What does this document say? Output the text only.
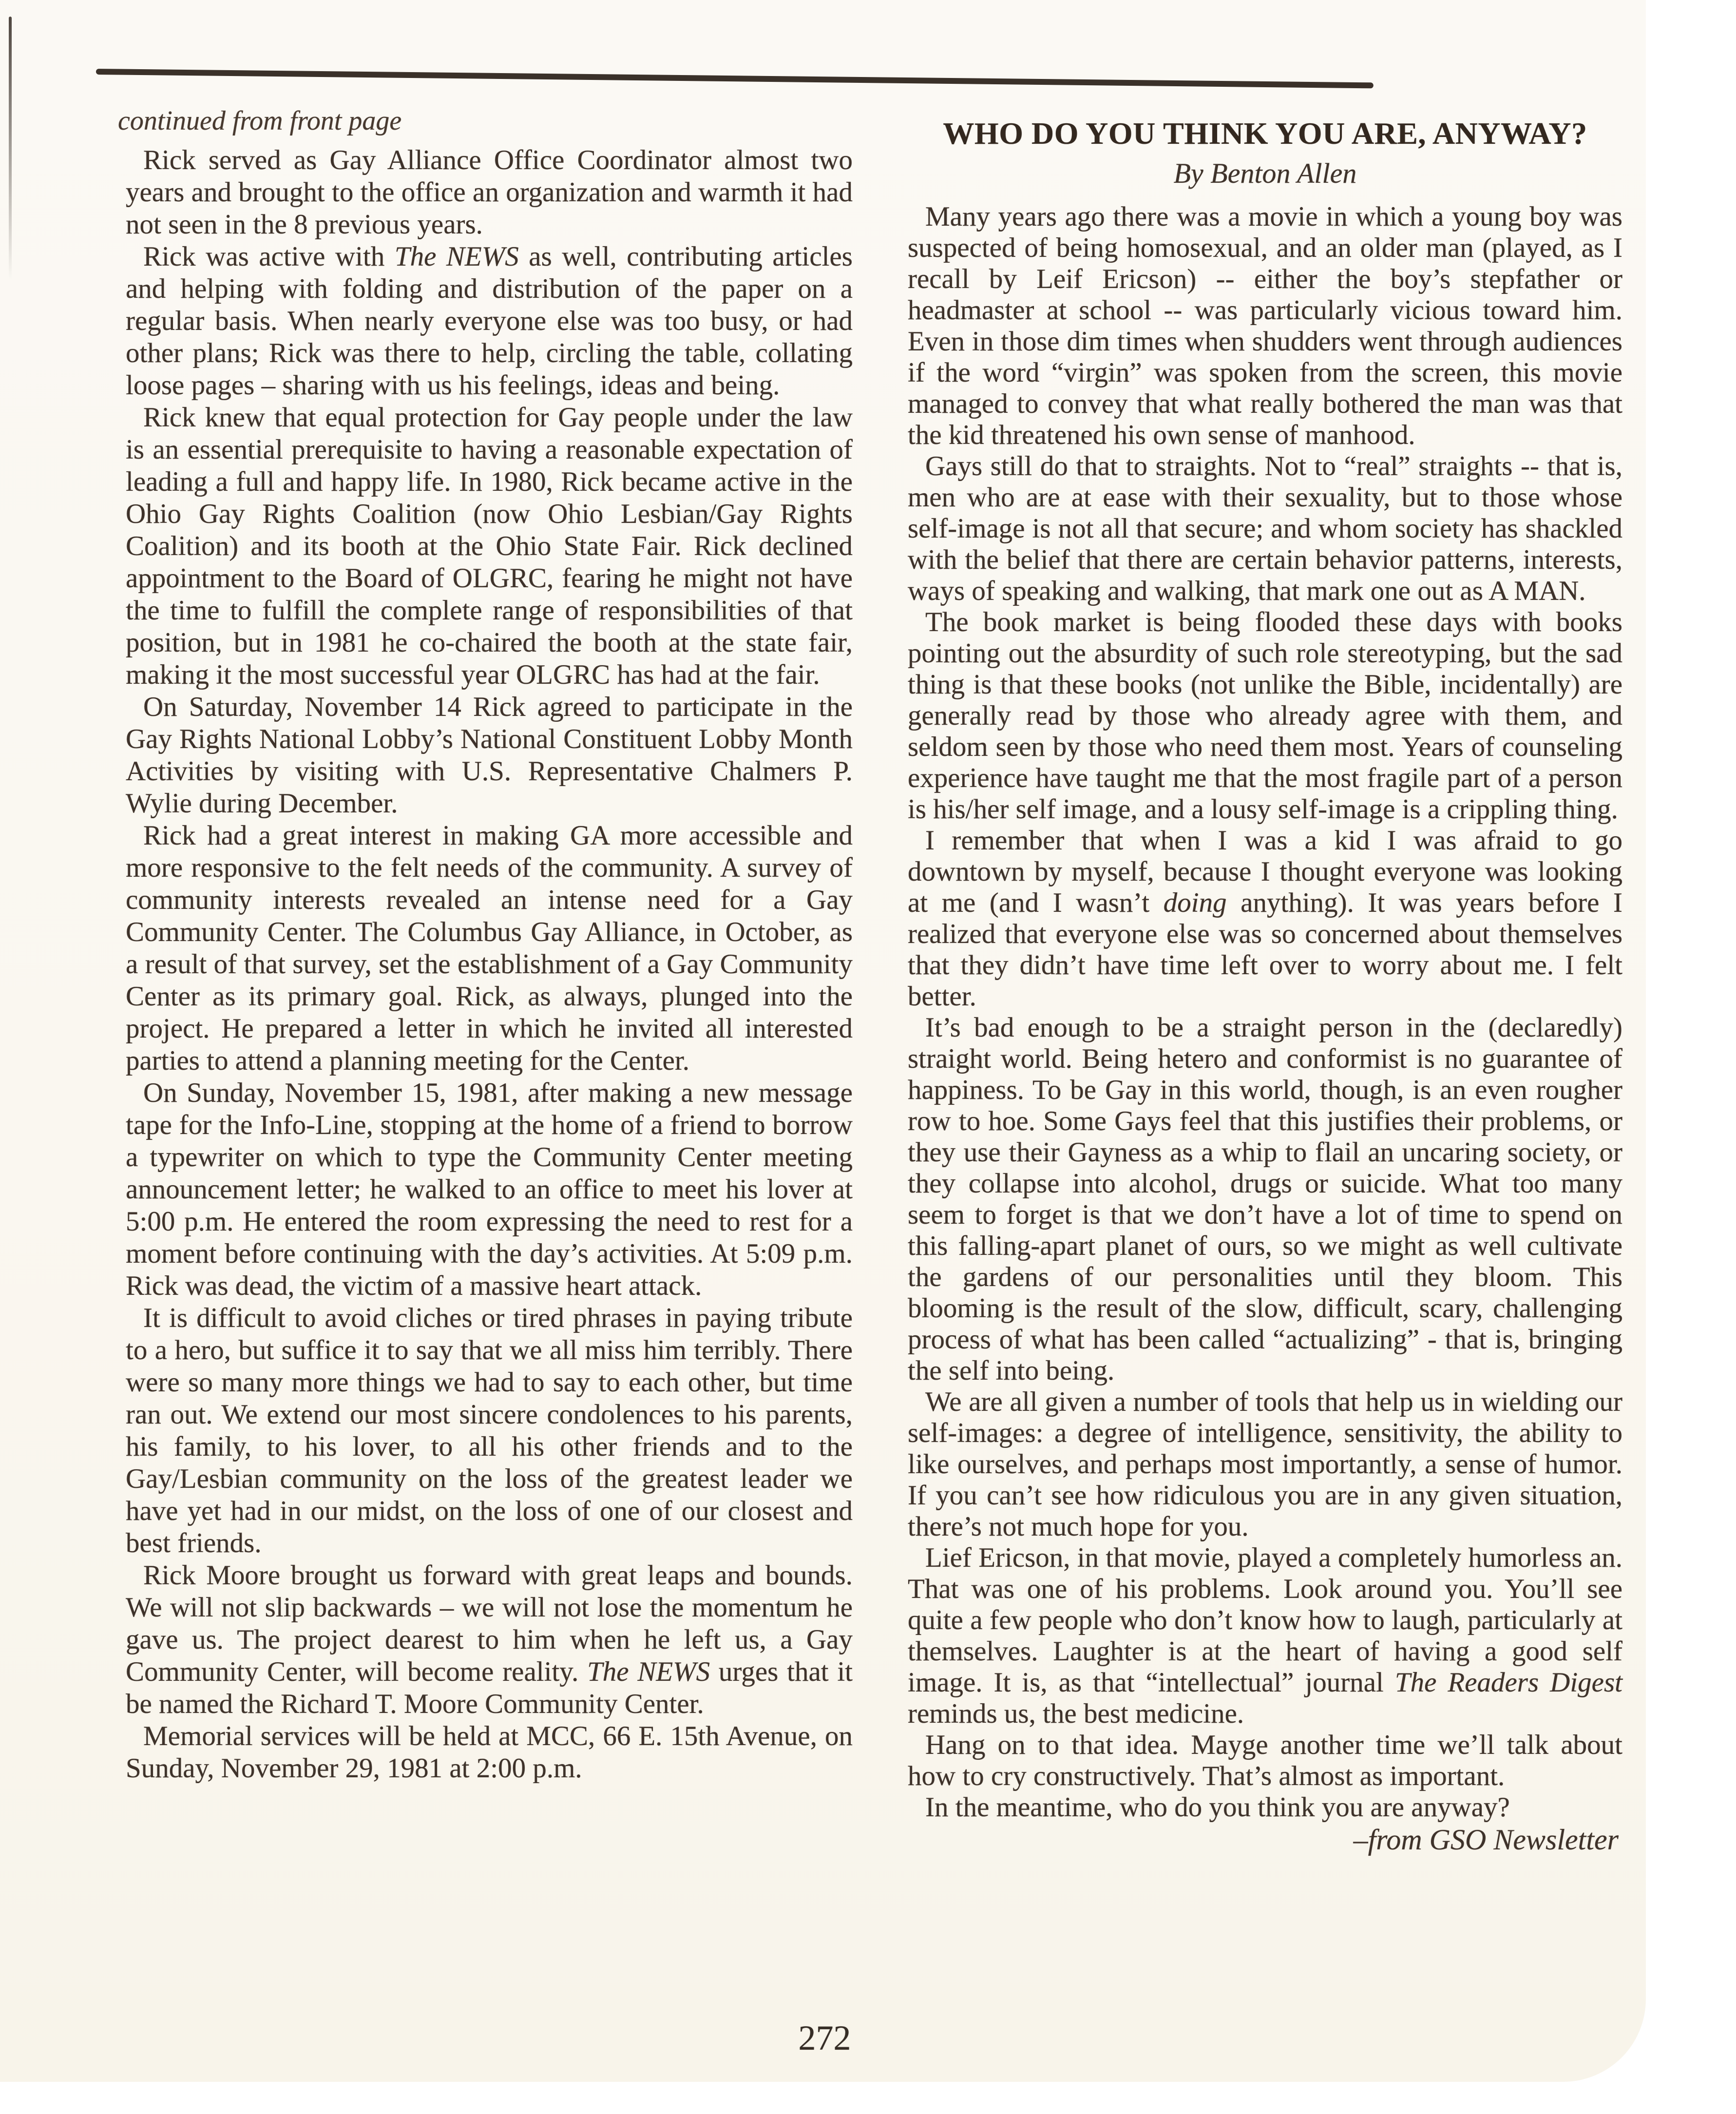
continued from front page

Rick served as Gay Alliance Office Coordinator almost two years and brought to the office an organization and warmth it had not seen in the 8 previous years.

Rick was active with The NEWS as well, contributing articles and helping with folding and distribution of the paper on a regular basis. When nearly everyone else was too busy, or had other plans; Rick was there to help, circling the table, collating loose pages – sharing with us his feelings, ideas and being.

Rick knew that equal protection for Gay people under the law is an essential prerequisite to having a reasonable expectation of leading a full and happy life. In 1980, Rick became active in the Ohio Gay Rights Coalition (now Ohio Lesbian/Gay Rights Coalition) and its booth at the Ohio State Fair. Rick declined appointment to the Board of OLGRC, fearing he might not have the time to fulfill the complete range of responsibilities of that position, but in 1981 he co-chaired the booth at the state fair, making it the most successful year OLGRC has had at the fair.

On Saturday, November 14 Rick agreed to participate in the Gay Rights National Lobby’s National Constituent Lobby Month Activities by visiting with U.S. Representative Chalmers P. Wylie during December.

Rick had a great interest in making GA more accessible and more responsive to the felt needs of the community. A survey of community interests revealed an intense need for a Gay Community Center. The Columbus Gay Alliance, in October, as a result of that survey, set the establishment of a Gay Community Center as its primary goal. Rick, as always, plunged into the project. He prepared a letter in which he invited all interested parties to attend a planning meeting for the Center.

On Sunday, November 15, 1981, after making a new message tape for the Info-Line, stopping at the home of a friend to borrow a typewriter on which to type the Community Center meeting announcement letter; he walked to an office to meet his lover at 5:00 p.m. He entered the room expressing the need to rest for a moment before continuing with the day’s activities. At 5:09 p.m. Rick was dead, the victim of a massive heart attack.

It is difficult to avoid cliches or tired phrases in paying tribute to a hero, but suffice it to say that we all miss him terribly. There were so many more things we had to say to each other, but time ran out. We extend our most sincere condolences to his parents, his family, to his lover, to all his other friends and to the Gay/Lesbian community on the loss of the greatest leader we have yet had in our midst, on the loss of one of our closest and best friends.

Rick Moore brought us forward with great leaps and bounds. We will not slip backwards – we will not lose the momentum he gave us. The project dearest to him when he left us, a Gay Community Center, will become reality. The NEWS urges that it be named the Richard T. Moore Community Center.

Memorial services will be held at MCC, 66 E. 15th Avenue, on Sunday, November 29, 1981 at 2:00 p.m.

WHO DO YOU THINK YOU ARE, ANYWAY?
By Benton Allen

Many years ago there was a movie in which a young boy was suspected of being homosexual, and an older man (played, as I recall by Leif Ericson) -- either the boy’s stepfather or headmaster at school -- was particularly vicious toward him. Even in those dim times when shudders went through audiences if the word “virgin” was spoken from the screen, this movie managed to convey that what really bothered the man was that the kid threatened his own sense of manhood.

Gays still do that to straights. Not to “real” straights -- that is, men who are at ease with their sexuality, but to those whose self-image is not all that secure; and whom society has shackled with the belief that there are certain behavior patterns, interests, ways of speaking and walking, that mark one out as A MAN.

The book market is being flooded these days with books pointing out the absurdity of such role stereotyping, but the sad thing is that these books (not unlike the Bible, incidentally) are generally read by those who already agree with them, and seldom seen by those who need them most. Years of counseling experience have taught me that the most fragile part of a person is his/her self image, and a lousy self-image is a crippling thing.

I remember that when I was a kid I was afraid to go downtown by myself, because I thought everyone was looking at me (and I wasn’t doing anything). It was years before I realized that everyone else was so concerned about themselves that they didn’t have time left over to worry about me. I felt better.

It’s bad enough to be a straight person in the (declaredly) straight world. Being hetero and conformist is no guarantee of happiness. To be Gay in this world, though, is an even rougher row to hoe. Some Gays feel that this justifies their problems, or they use their Gayness as a whip to flail an uncaring society, or they collapse into alcohol, drugs or suicide. What too many seem to forget is that we don’t have a lot of time to spend on this falling-apart planet of ours, so we might as well cultivate the gardens of our personalities until they bloom. This blooming is the result of the slow, difficult, scary, challenging process of what has been called “actualizing” - that is, bringing the self into being.

We are all given a number of tools that help us in wielding our self-images: a degree of intelligence, sensitivity, the ability to like ourselves, and perhaps most importantly, a sense of humor. If you can’t see how ridiculous you are in any given situation, there’s not much hope for you.

Lief Ericson, in that movie, played a completely humorless an. That was one of his problems. Look around you. You’ll see quite a few people who don’t know how to laugh, particularly at themselves. Laughter is at the heart of having a good self image. It is, as that “intellectual” journal The Readers Digest reminds us, the best medicine.

Hang on to that idea. Mayge another time we’ll talk about how to cry constructively. That’s almost as important.

In the meantime, who do you think you are anyway?

–from GSO Newsletter
272
